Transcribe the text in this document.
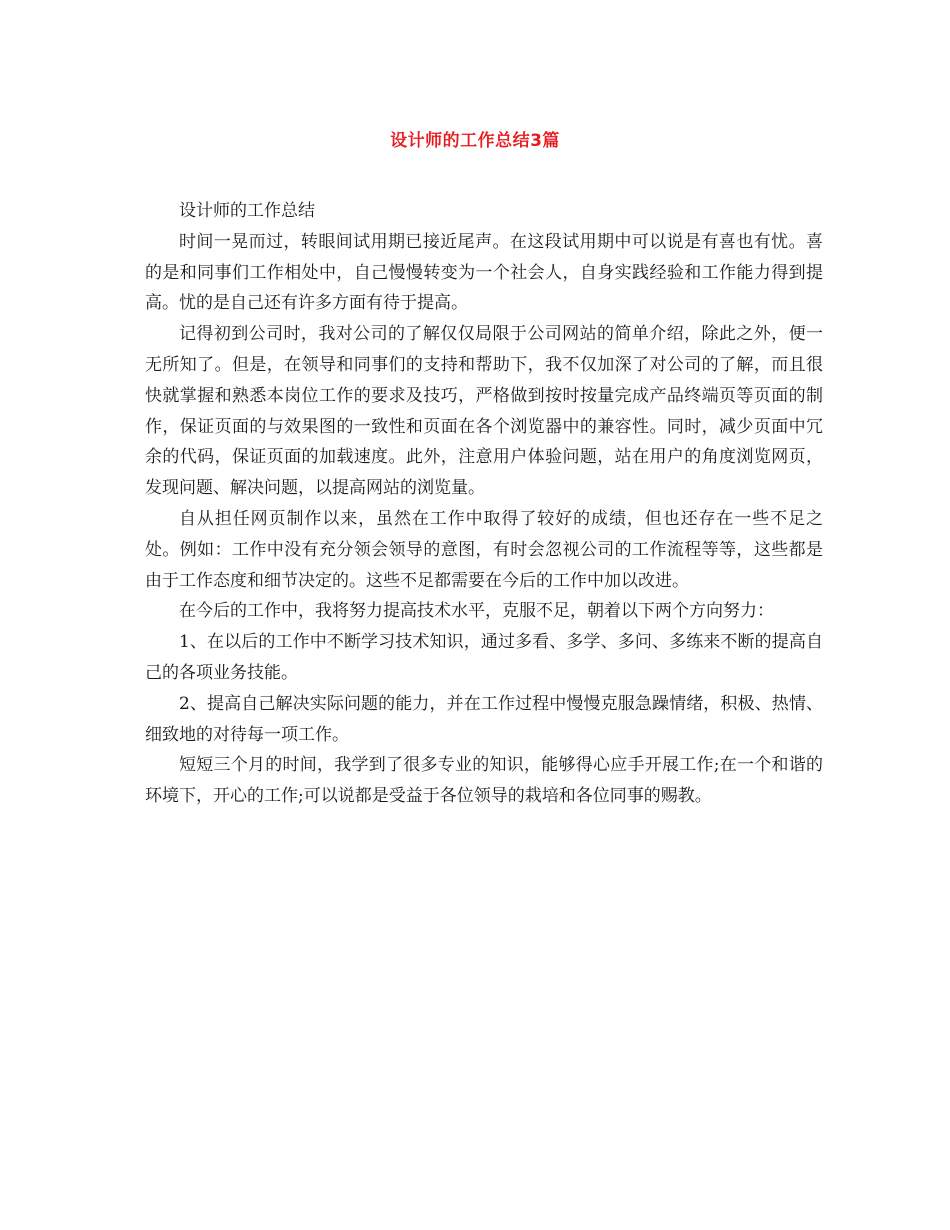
设计师的工作总结3篇

设计师的工作总结

时间一晃而过，转眼间试用期已接近尾声。在这段试用期中可以说是有喜也有忧。喜的是和同事们工作相处中，自己慢慢转变为一个社会人，自身实践经验和工作能力得到提高。忧的是自己还有许多方面有待于提高。

记得初到公司时，我对公司的了解仅仅局限于公司网站的简单介绍，除此之外，便一无所知了。但是，在领导和同事们的支持和帮助下，我不仅加深了对公司的了解，而且很快就掌握和熟悉本岗位工作的要求及技巧，严格做到按时按量完成产品终端页等页面的制作，保证页面的与效果图的一致性和页面在各个浏览器中的兼容性。同时，减少页面中冗余的代码，保证页面的加载速度。此外，注意用户体验问题，站在用户的角度浏览网页，发现问题、解决问题，以提高网站的浏览量。

自从担任网页制作以来，虽然在工作中取得了较好的成绩，但也还存在一些不足之处。例如：工作中没有充分领会领导的意图，有时会忽视公司的工作流程等等，这些都是由于工作态度和细节决定的。这些不足都需要在今后的工作中加以改进。

在今后的工作中，我将努力提高技术水平，克服不足，朝着以下两个方向努力：

1、在以后的工作中不断学习技术知识，通过多看、多学、多问、多练来不断的提高自己的各项业务技能。

2、提高自己解决实际问题的能力，并在工作过程中慢慢克服急躁情绪，积极、热情、细致地的对待每一项工作。

短短三个月的时间，我学到了很多专业的知识，能够得心应手开展工作;在一个和谐的环境下，开心的工作;可以说都是受益于各位领导的栽培和各位同事的赐教。
